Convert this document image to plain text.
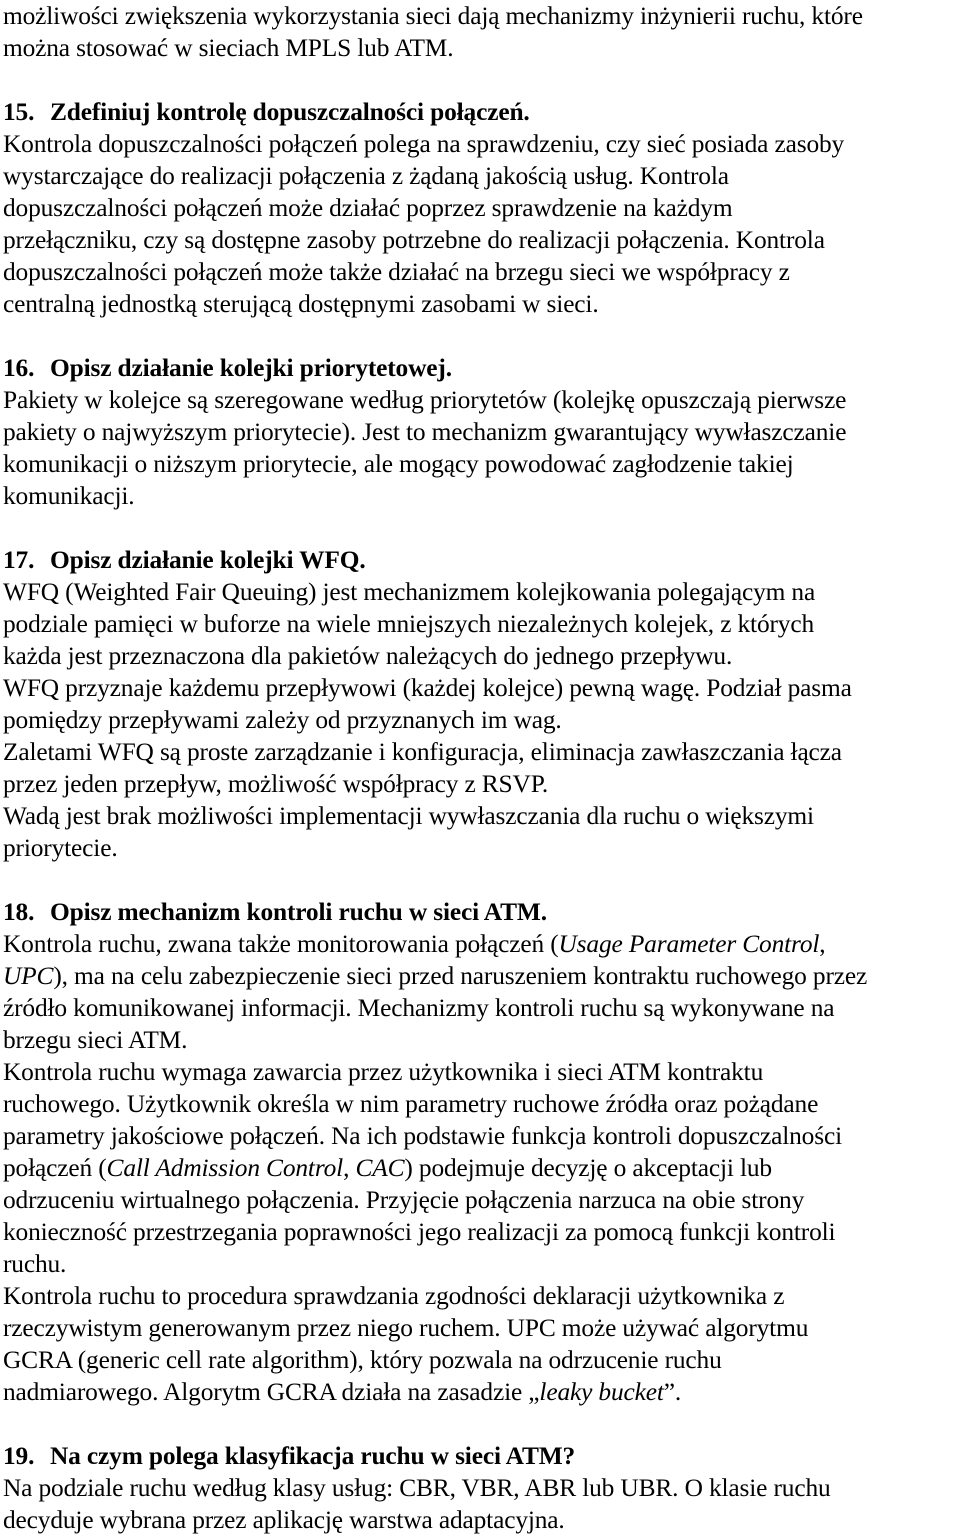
możliwości zwiększenia wykorzystania sieci dają mechanizmy inżynierii ruchu, które
można stosować w sieciach MPLS lub ATM.
15. Zdefiniuj kontrolę dopuszczalności połączeń.
Kontrola dopuszczalności połączeń polega na sprawdzeniu, czy sieć posiada zasoby
wystarczające do realizacji połączenia z żądaną jakością usług. Kontrola
dopuszczalności połączeń może działać poprzez sprawdzenie na każdym
przełączniku, czy są dostępne zasoby potrzebne do realizacji połączenia. Kontrola
dopuszczalności połączeń może także działać na brzegu sieci we współpracy z
centralną jednostką sterującą dostępnymi zasobami w sieci.
16. Opisz działanie kolejki priorytetowej.
Pakiety w kolejce są szeregowane według priorytetów (kolejkę opuszczają pierwsze
pakiety o najwyższym priorytecie). Jest to mechanizm gwarantujący wywłaszczanie
komunikacji o niższym priorytecie, ale mogący powodować zagłodzenie takiej
komunikacji.
17. Opisz działanie kolejki WFQ.
WFQ (Weighted Fair Queuing) jest mechanizmem kolejkowania polegającym na
podziale pamięci w buforze na wiele mniejszych niezależnych kolejek, z których
każda jest przeznaczona dla pakietów należących do jednego przepływu.
WFQ przyznaje każdemu przepływowi (każdej kolejce) pewną wagę. Podział pasma
pomiędzy przepływami zależy od przyznanych im wag.
Zaletami WFQ są proste zarządzanie i konfiguracja, eliminacja zawłaszczania łącza
przez jeden przepływ, możliwość współpracy z RSVP.
Wadą jest brak możliwości implementacji wywłaszczania dla ruchu o większymi
priorytecie.
18. Opisz mechanizm kontroli ruchu w sieci ATM.
Kontrola ruchu, zwana także monitorowania połączeń (Usage Parameter Control,
UPC), ma na celu zabezpieczenie sieci przed naruszeniem kontraktu ruchowego przez
źródło komunikowanej informacji. Mechanizmy kontroli ruchu są wykonywane na
brzegu sieci ATM.
Kontrola ruchu wymaga zawarcia przez użytkownika i sieci ATM kontraktu
ruchowego. Użytkownik określa w nim parametry ruchowe źródła oraz pożądane
parametry jakościowe połączeń. Na ich podstawie funkcja kontroli dopuszczalności
połączeń (Call Admission Control, CAC) podejmuje decyzję o akceptacji lub
odrzuceniu wirtualnego połączenia. Przyjęcie połączenia narzuca na obie strony
konieczność przestrzegania poprawności jego realizacji za pomocą funkcji kontroli
ruchu.
Kontrola ruchu to procedura sprawdzania zgodności deklaracji użytkownika z
rzeczywistym generowanym przez niego ruchem. UPC może używać algorytmu
GCRA (generic cell rate algorithm), który pozwala na odrzucenie ruchu
nadmiarowego. Algorytm GCRA działa na zasadzie „leaky bucket”.
19. Na czym polega klasyfikacja ruchu w sieci ATM?
Na podziale ruchu według klasy usług: CBR, VBR, ABR lub UBR. O klasie ruchu
decyduje wybrana przez aplikację warstwa adaptacyjna.
